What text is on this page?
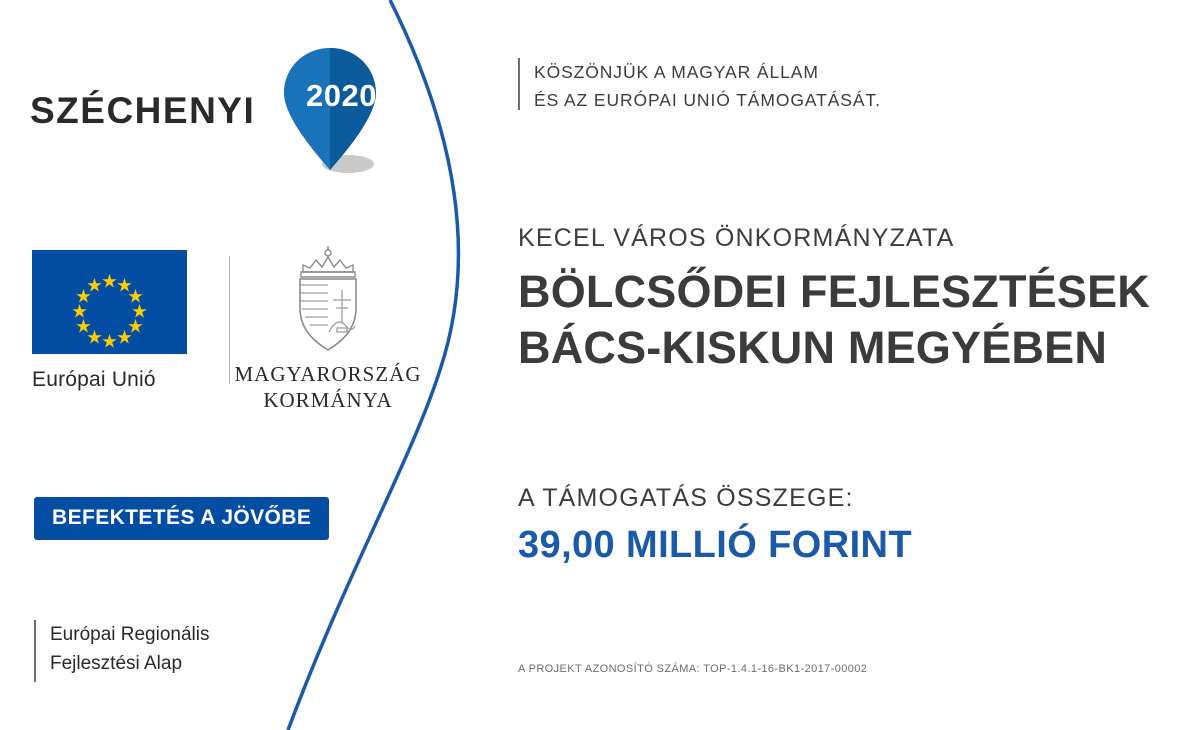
SZÉCHENYI 2020
Európai Unió	MAGYARORSZÁG
KORMÁNYA
BEFEKTETÉS A JÖVŐBE
Európai Regionális
Fejlesztési Alap
KÖSZÖNJÜK A MAGYAR ÁLLAM
ÉS AZ EURÓPAI UNIÓ TÁMOGATÁSÁT.
KECEL VÁROS ÖNKORMÁNYZATA
BÖLCSŐDEI FEJLESZTÉSEK
BÁCS-KISKUN MEGYÉBEN
A TÁMOGATÁS ÖSSZEGE:
39,00 MILLIÓ FORINT
A PROJEKT AZONOSÍTÓ SZÁMA: TOP-1.4.1-16-BK1-2017-00002
